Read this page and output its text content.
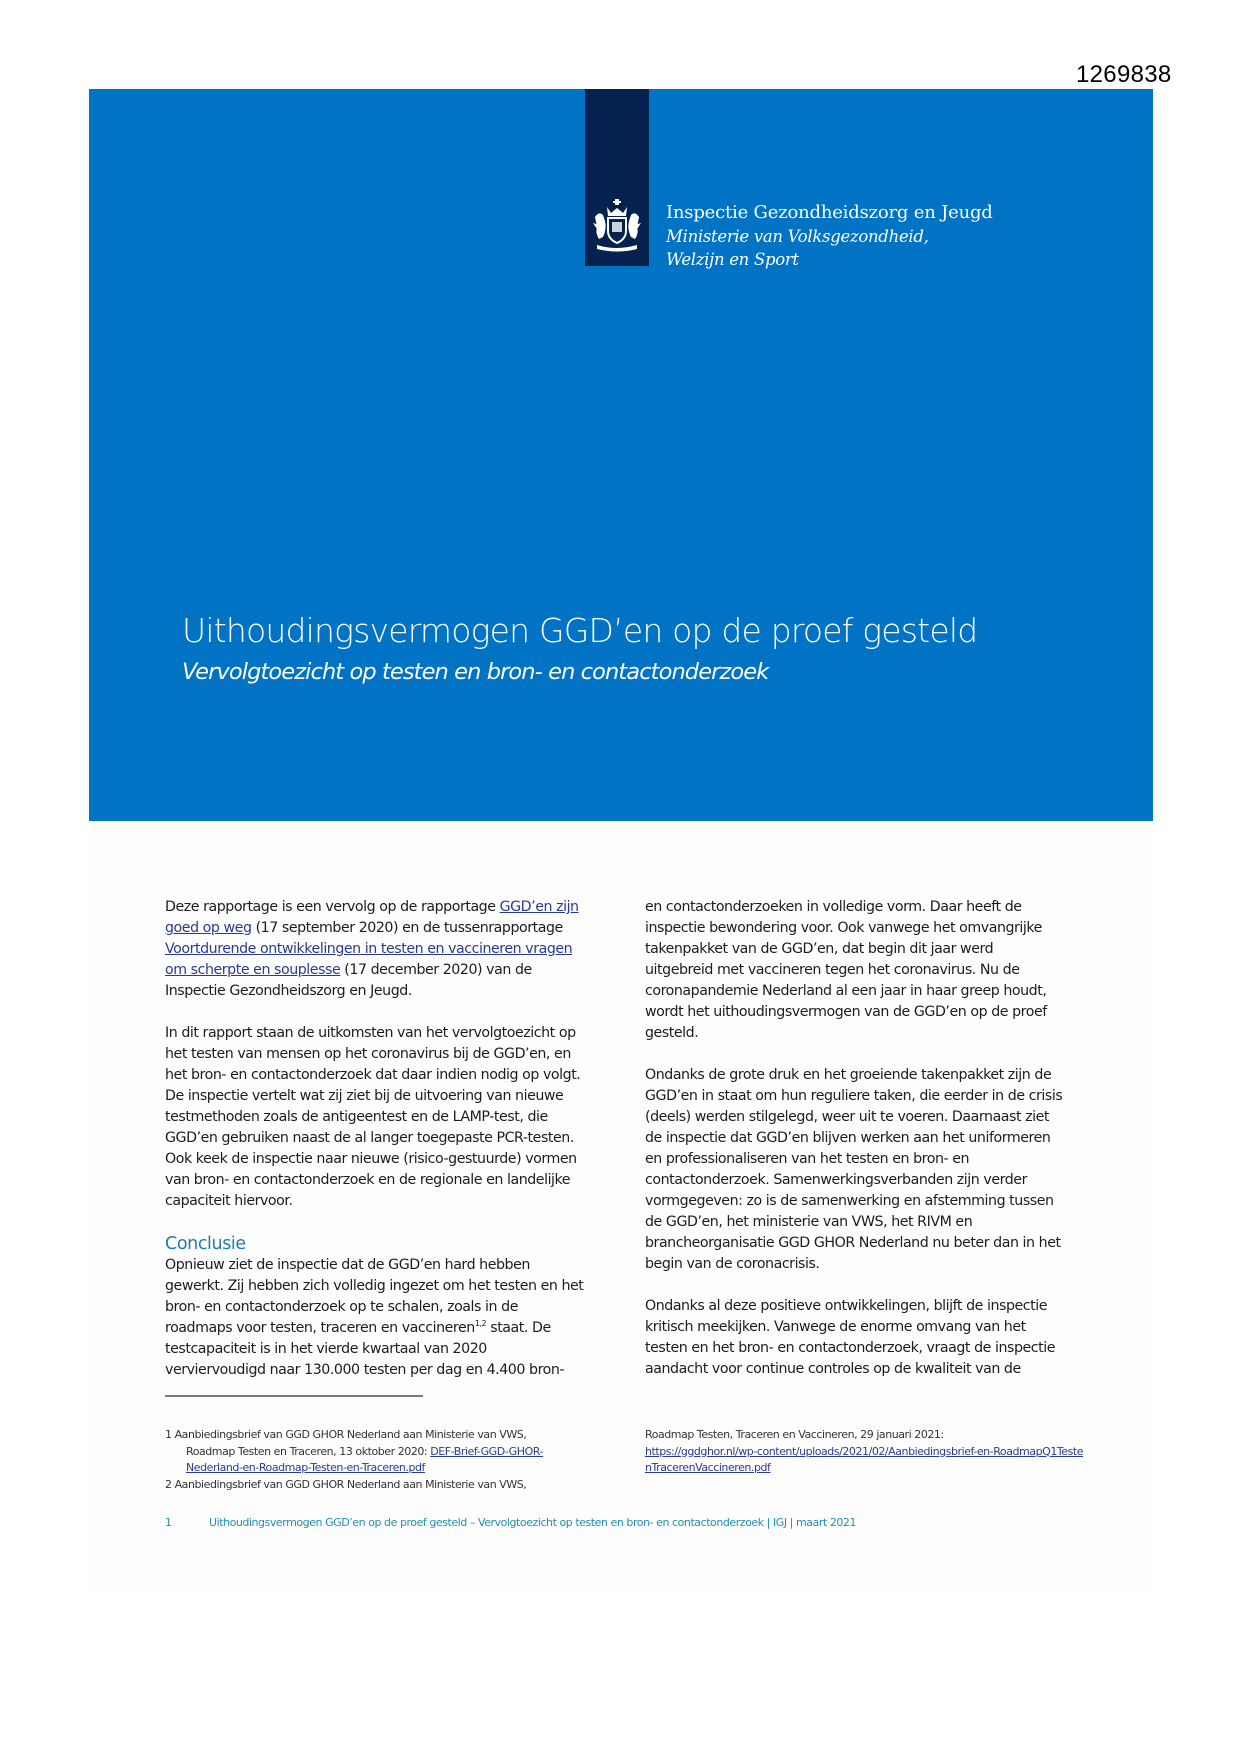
1269838
Inspectie Gezondheidszorg en Jeugd
Ministerie van Volksgezondheid,
Welzijn en Sport
Uithoudingsvermogen GGD’en op de proef gesteld
Vervolgtoezicht op testen en bron- en contactonderzoek

Deze rapportage is een vervolg op de rapportage GGD’en zijn goed op weg (17 september 2020) en de tussenrapportage Voortdurende ontwikkelingen in testen en vaccineren vragen om scherpte en souplesse (17 december 2020) van de Inspectie Gezondheidszorg en Jeugd.

In dit rapport staan de uitkomsten van het vervolgtoezicht op het testen van mensen op het coronavirus bij de GGD’en, en het bron- en contactonderzoek dat daar indien nodig op volgt. De inspectie vertelt wat zij ziet bij de uitvoering van nieuwe testmethoden zoals de antigeentest en de LAMP-test, die GGD’en gebruiken naast de al langer toegepaste PCR-testen. Ook keek de inspectie naar nieuwe (risico-gestuurde) vormen van bron- en contactonderzoek en de regionale en landelijke capaciteit hiervoor.

Conclusie

Opnieuw ziet de inspectie dat de GGD’en hard hebben gewerkt. Zij hebben zich volledig ingezet om het testen en het bron- en contactonderzoek op te schalen, zoals in de roadmaps voor testen, traceren en vaccineren$^{1,2}$ staat. De testcapaciteit is in het vierde kwartaal van 2020 verviervoudigd naar 130.000 testen per dag en 4.400 bron-

en contactonderzoeken in volledige vorm. Daar heeft de inspectie bewondering voor. Ook vanwege het omvangrijke takenpakket van de GGD’en, dat begin dit jaar werd uitgebreid met vaccineren tegen het coronavirus. Nu de coronapandemie Nederland al een jaar in haar greep houdt, wordt het uithoudingsvermogen van de GGD’en op de proef gesteld.

Ondanks de grote druk en het groeiende takenpakket zijn de GGD’en in staat om hun reguliere taken, die eerder in de crisis (deels) werden stilgelegd, weer uit te voeren. Daarnaast ziet de inspectie dat GGD’en blijven werken aan het uniformeren en professionaliseren van het testen en bron- en contactonderzoek. Samenwerkingsverbanden zijn verder vormgegeven: zo is de samenwerking en afstemming tussen de GGD’en, het ministerie van VWS, het RIVM en brancheorganisatie GGD GHOR Nederland nu beter dan in het begin van de coronacrisis.

Ondanks al deze positieve ontwikkelingen, blijft de inspectie kritisch meekijken. Vanwege de enorme omvang van het testen en het bron- en contactonderzoek, vraagt de inspectie aandacht voor continue controles op de kwaliteit van de

1 Aanbiedingsbrief van GGD GHOR Nederland aan Ministerie van VWS,
Roadmap Testen en Traceren, 13 oktober 2020: DEF-Brief-GGD-GHOR-Nederland-en-Roadmap-Testen-en-Traceren.pdf

2 Aanbiedingsbrief van GGD GHOR Nederland aan Ministerie van VWS,

Roadmap Testen, Traceren en Vaccineren, 29 januari 2021:
https://ggdghor.nl/wp-content/uploads/2021/02/Aanbiedingsbrief-en-RoadmapQ1TestenTracerenVaccineren.pdf

1	Uithoudingsvermogen GGD’en op de proef gesteld – Vervolgtoezicht op testen en bron- en contactonderzoek | IGJ | maart 2021
